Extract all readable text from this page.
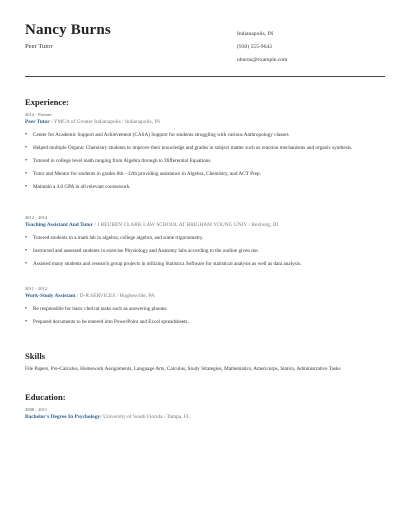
Nancy Burns
Peer Tutor
Indianapolis, IN
(930) 555-9643
nburns@example.com
Experience:
2014 - Present
Peer Tutor / YMCA of Greater Indianapolis / Indianapolis, IN
• Center for Academic Support and Achievement (CASA) Support for students struggling with various Anthropology classes
• Helped multiple Organic Chemistry students to improve their knowledge and grades in subject matter such as reaction mechanisms and organic synthesis.
• Tutored in college level math ranging from Algebra through to Differential Equations
• Tutor and Mentor for students in grades 8th - 12th providing assistance in Algebra, Chemistry, and ACT Prep.
• Maintain a 4.0 GPA in all relevant coursework.
2012 - 2014
Teaching Assistant And Tutor / J REUBEN CLARK LAW SCHOOL AT BRIGHAM YOUNG UNIV / Rexburg, ID
• Tutored students in a math lab in algebra, college algebra, and some trigonometry.
• Instructed and assessed students in exercise Physiology and Anatomy labs according to the outline given me.
• Assisted many students and research group projects in utilizing Statistica Software for statistical analysis as well as data analysis.
2011 - 2012
Work-Study Assistant / D-R SERVICES / Hughesville, PA
• Be responsible for basic clerical tasks such as answering phones.
• Prepared documents to be entered into PowerPoint and Excel spreadsheets.
Skills
File Papers, Pre-Calculus, Homework Assignments, Language Arts, Calculus, Study Strategies, Mathematics, Americorps, Statics, Administrative Tasks
Education:
2008 - 2011
Bachelor's Degree In Psychology/ University of South Florida / Tampa, FL
